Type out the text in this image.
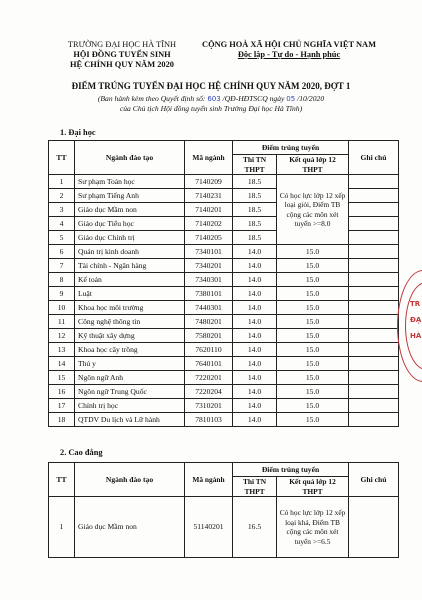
TRƯỜNG ĐẠI HỌC HÀ TĨNH
HỘI ĐỒNG TUYỂN SINH
HỆ CHÍNH QUY NĂM 2020
CỘNG HOÀ XÃ HỘI CHỦ NGHĨA VIỆT NAM
Độc lập - Tự do - Hạnh phúc
ĐIỂM TRÚNG TUYỂN ĐẠI HỌC HỆ CHÍNH QUY NĂM 2020, ĐỢT 1
(Ban hành kèm theo Quyết định số: 603 /QĐ-HĐTSCQ ngày 05 /10/2020
của Chủ tịch Hội đồng tuyển sinh Trường Đại học Hà Tĩnh)
1. Đại học
TT	Ngành đào tạo	Mã ngành	Điểm trúng tuyển		Ghi chú
			Thi TN THPT	Kết quả lớp 12 THPT	
1	Sư phạm Toán học	7140209	18.5	Có học lực lớp 12 xếp loại giỏi, Điểm TB cộng các môn xét tuyển >=8.0	
2	Sư phạm Tiếng Anh	7140231	18.5		
3	Giáo dục Mầm non	7140201	18.5		
4	Giáo dục Tiểu học	7140202	18.5		
5	Giáo dục Chính trị	7140205	18.5		
6	Quản trị kinh doanh	7340101	14.0	15.0	
7	Tài chính - Ngân hàng	7340201	14.0	15.0	
8	Kế toán	7340301	14.0	15.0	
9	Luật	7380101	14.0	15.0	
10	Khoa học môi trường	7440301	14.0	15.0	
11	Công nghệ thông tin	7480201	14.0	15.0	
12	Kỹ thuật xây dựng	7580201	14.0	15.0	
13	Khoa học cây trồng	7620110	14.0	15.0	
14	Thú y	7640101	14.0	15.0	
15	Ngôn ngữ Anh	7220201	14.0	15.0	
16	Ngôn ngữ Trung Quốc	7220204	14.0	15.0	
17	Chính trị học	7310201	14.0	15.0	
18	QTDV Du lịch và Lữ hành	7810103	14.0	15.0	
2. Cao đẳng
TT	Ngành đào tạo	Mã ngành	Điểm trúng tuyển		Ghi chú
			Thi TN THPT	Kết quả lớp 12 THPT	
1	Giáo dục Mầm non	51140201	16.5	Có học lực lớp 12 xếp loại khá, Điểm TB cộng các môn xét tuyển >=6.5	
TR
ĐẠ
HÀ
